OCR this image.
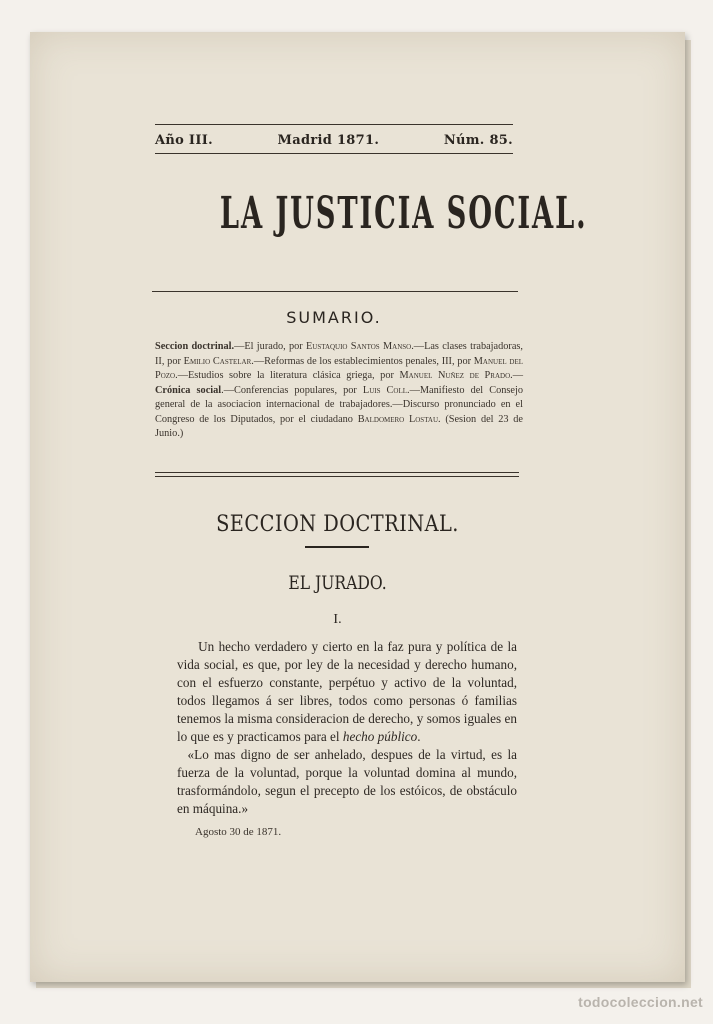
Año III.	Madrid 1871.	Núm. 85.
LA JUSTICIA SOCIAL.
SUMARIO.
Seccion doctrinal.—El jurado, por Eustaquio Santos Manso.—Las clases trabajadoras, II, por Emilio Castelar.—Reformas de los establecimientos penales, III, por Manuel del Pozo.—Estudios sobre la literatura clásica griega, por Manuel Nuñez de Prado.—Crónica social.—Conferencias populares, por Luis Coll.—Manifiesto del Consejo general de la asociacion internacional de trabajadores.—Discurso pronunciado en el Congreso de los Diputados, por el ciudadano Baldomero Lostau. (Sesion del 23 de Junio.)
SECCION DOCTRINAL.
EL JURADO.
I.

Un hecho verdadero y cierto en la faz pura y política de la vida social, es que, por ley de la necesidad y derecho humano, con el esfuerzo constante, perpétuo y activo de la voluntad, todos llegamos á ser libres, todos como personas ó familias tenemos la misma consideracion de derecho, y somos iguales en lo que es y practicamos para el hecho público.

«Lo mas digno de ser anhelado, despues de la virtud, es la fuerza de la voluntad, porque la voluntad domina al mundo, trasformándolo, segun el precepto de los estóicos, de obstáculo en máquina.»

Agosto 30 de 1871.
todocoleccion.net
